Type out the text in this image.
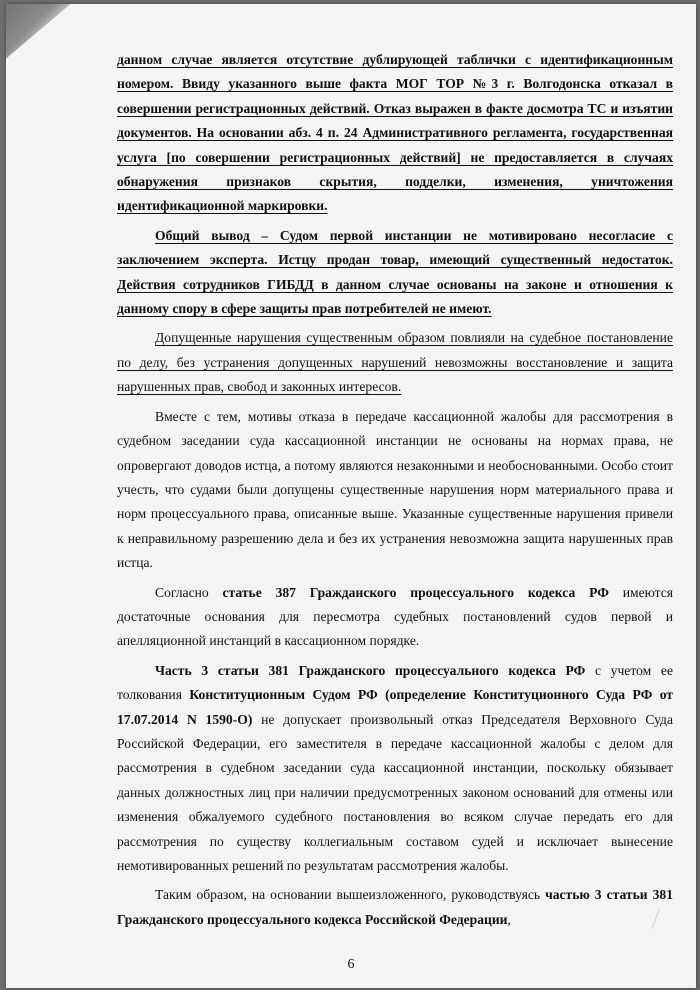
данном случае является отсутствие дублирующей таблички с идентификационным номером. Ввиду указанного выше факта МОГ ТОР №3 г. Волгодонска отказал в совершении регистрационных действий. Отказ выражен в факте досмотра ТС и изъятии документов. На основании абз. 4 п. 24 Административного регламента, государственная услуга [по совершении регистрационных действий] не предоставляется в случаях обнаружения признаков скрытия, подделки, изменения, уничтожения идентификационной маркировки.

Общий вывод – Судом первой инстанции не мотивировано несогласие с заключением эксперта. Истцу продан товар, имеющий существенный недостаток. Действия сотрудников ГИБДД в данном случае основаны на законе и отношения к данному спору в сфере защиты прав потребителей не имеют.

Допущенные нарушения существенным образом повлияли на судебное постановление по делу, без устранения допущенных нарушений невозможны восстановление и защита нарушенных прав, свобод и законных интересов.

Вместе с тем, мотивы отказа в передаче кассационной жалобы для рассмотрения в судебном заседании суда кассационной инстанции не основаны на нормах права, не опровергают доводов истца, а потому являются незаконными и необоснованными. Особо стоит учесть, что судами были допущены существенные нарушения норм материального права и норм процессуального права, описанные выше. Указанные существенные нарушения привели к неправильному разрешению дела и без их устранения невозможна защита нарушенных прав истца.

Согласно статье 387 Гражданского процессуального кодекса РФ имеются достаточные основания для пересмотра судебных постановлений судов первой и апелляционной инстанций в кассационном порядке.

Часть 3 статьи 381 Гражданского процессуального кодекса РФ с учетом ее толкования Конституционным Судом РФ (определение Конституционного Суда РФ от 17.07.2014 N 1590-О) не допускает произвольный отказ Председателя Верховного Суда Российской Федерации, его заместителя в передаче кассационной жалобы с делом для рассмотрения в судебном заседании суда кассационной инстанции, поскольку обязывает данных должностных лиц при наличии предусмотренных законом оснований для отмены или изменения обжалуемого судебного постановления во всяком случае передать его для рассмотрения по существу коллегиальным составом судей и исключает вынесение немотивированных решений по результатам рассмотрения жалобы.

Таким образом, на основании вышеизложенного, руководствуясь частью 3 статьи 381 Гражданского процессуального кодекса Российской Федерации,

6
